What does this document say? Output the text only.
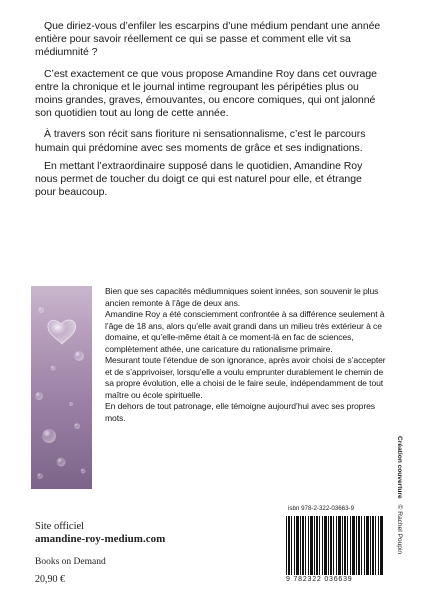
Que diriez-vous d’enfiler les escarpins d’une médium pendant une année entière pour savoir réellement ce qui se passe et comment elle vit sa médiumnité ?

C’est exactement ce que vous propose Amandine Roy dans cet ouvrage entre la chronique et le journal intime regroupant les péripéties plus ou moins grandes, graves, émouvantes, ou encore comiques, qui ont jalonné son quotidien tout au long de cette année.

À travers son récit sans fioriture ni sensationnalisme, c’est le parcours humain qui prédomine avec ses moments de grâce et ses indignations.

En mettant l’extraordinaire supposé dans le quotidien, Amandine Roy nous permet de toucher du doigt ce qui est naturel pour elle, et étrange pour beaucoup.

Bien que ses capacités médiumniques soient innées, son souvenir le plus ancien remonte à l’âge de deux ans.

Amandine Roy a été consciemment confrontée à sa différence seulement à l’âge de 18 ans, alors qu’elle avait grandi dans un milieu très extérieur à ce domaine, et qu’elle-même était à ce moment-là en fac de sciences, complètement athée, une caricature du rationalisme primaire.

Mesurant toute l’étendue de son ignorance, après avoir choisi de s’accepter et de s’apprivoiser, lorsqu’elle a voulu emprunter durablement le chemin de sa propre évolution, elle a choisi de le faire seule, indépendamment de tout maître ou école spirituelle.

En dehors de tout patronage, elle témoigne aujourd’hui avec ses propres mots.

Création couverture © Rachel Poupin
Site officiel
amandine-roy-medium.com
Books on Demand
20,90 €
isbn 978-2-322-03663-9
9 782322 036639
